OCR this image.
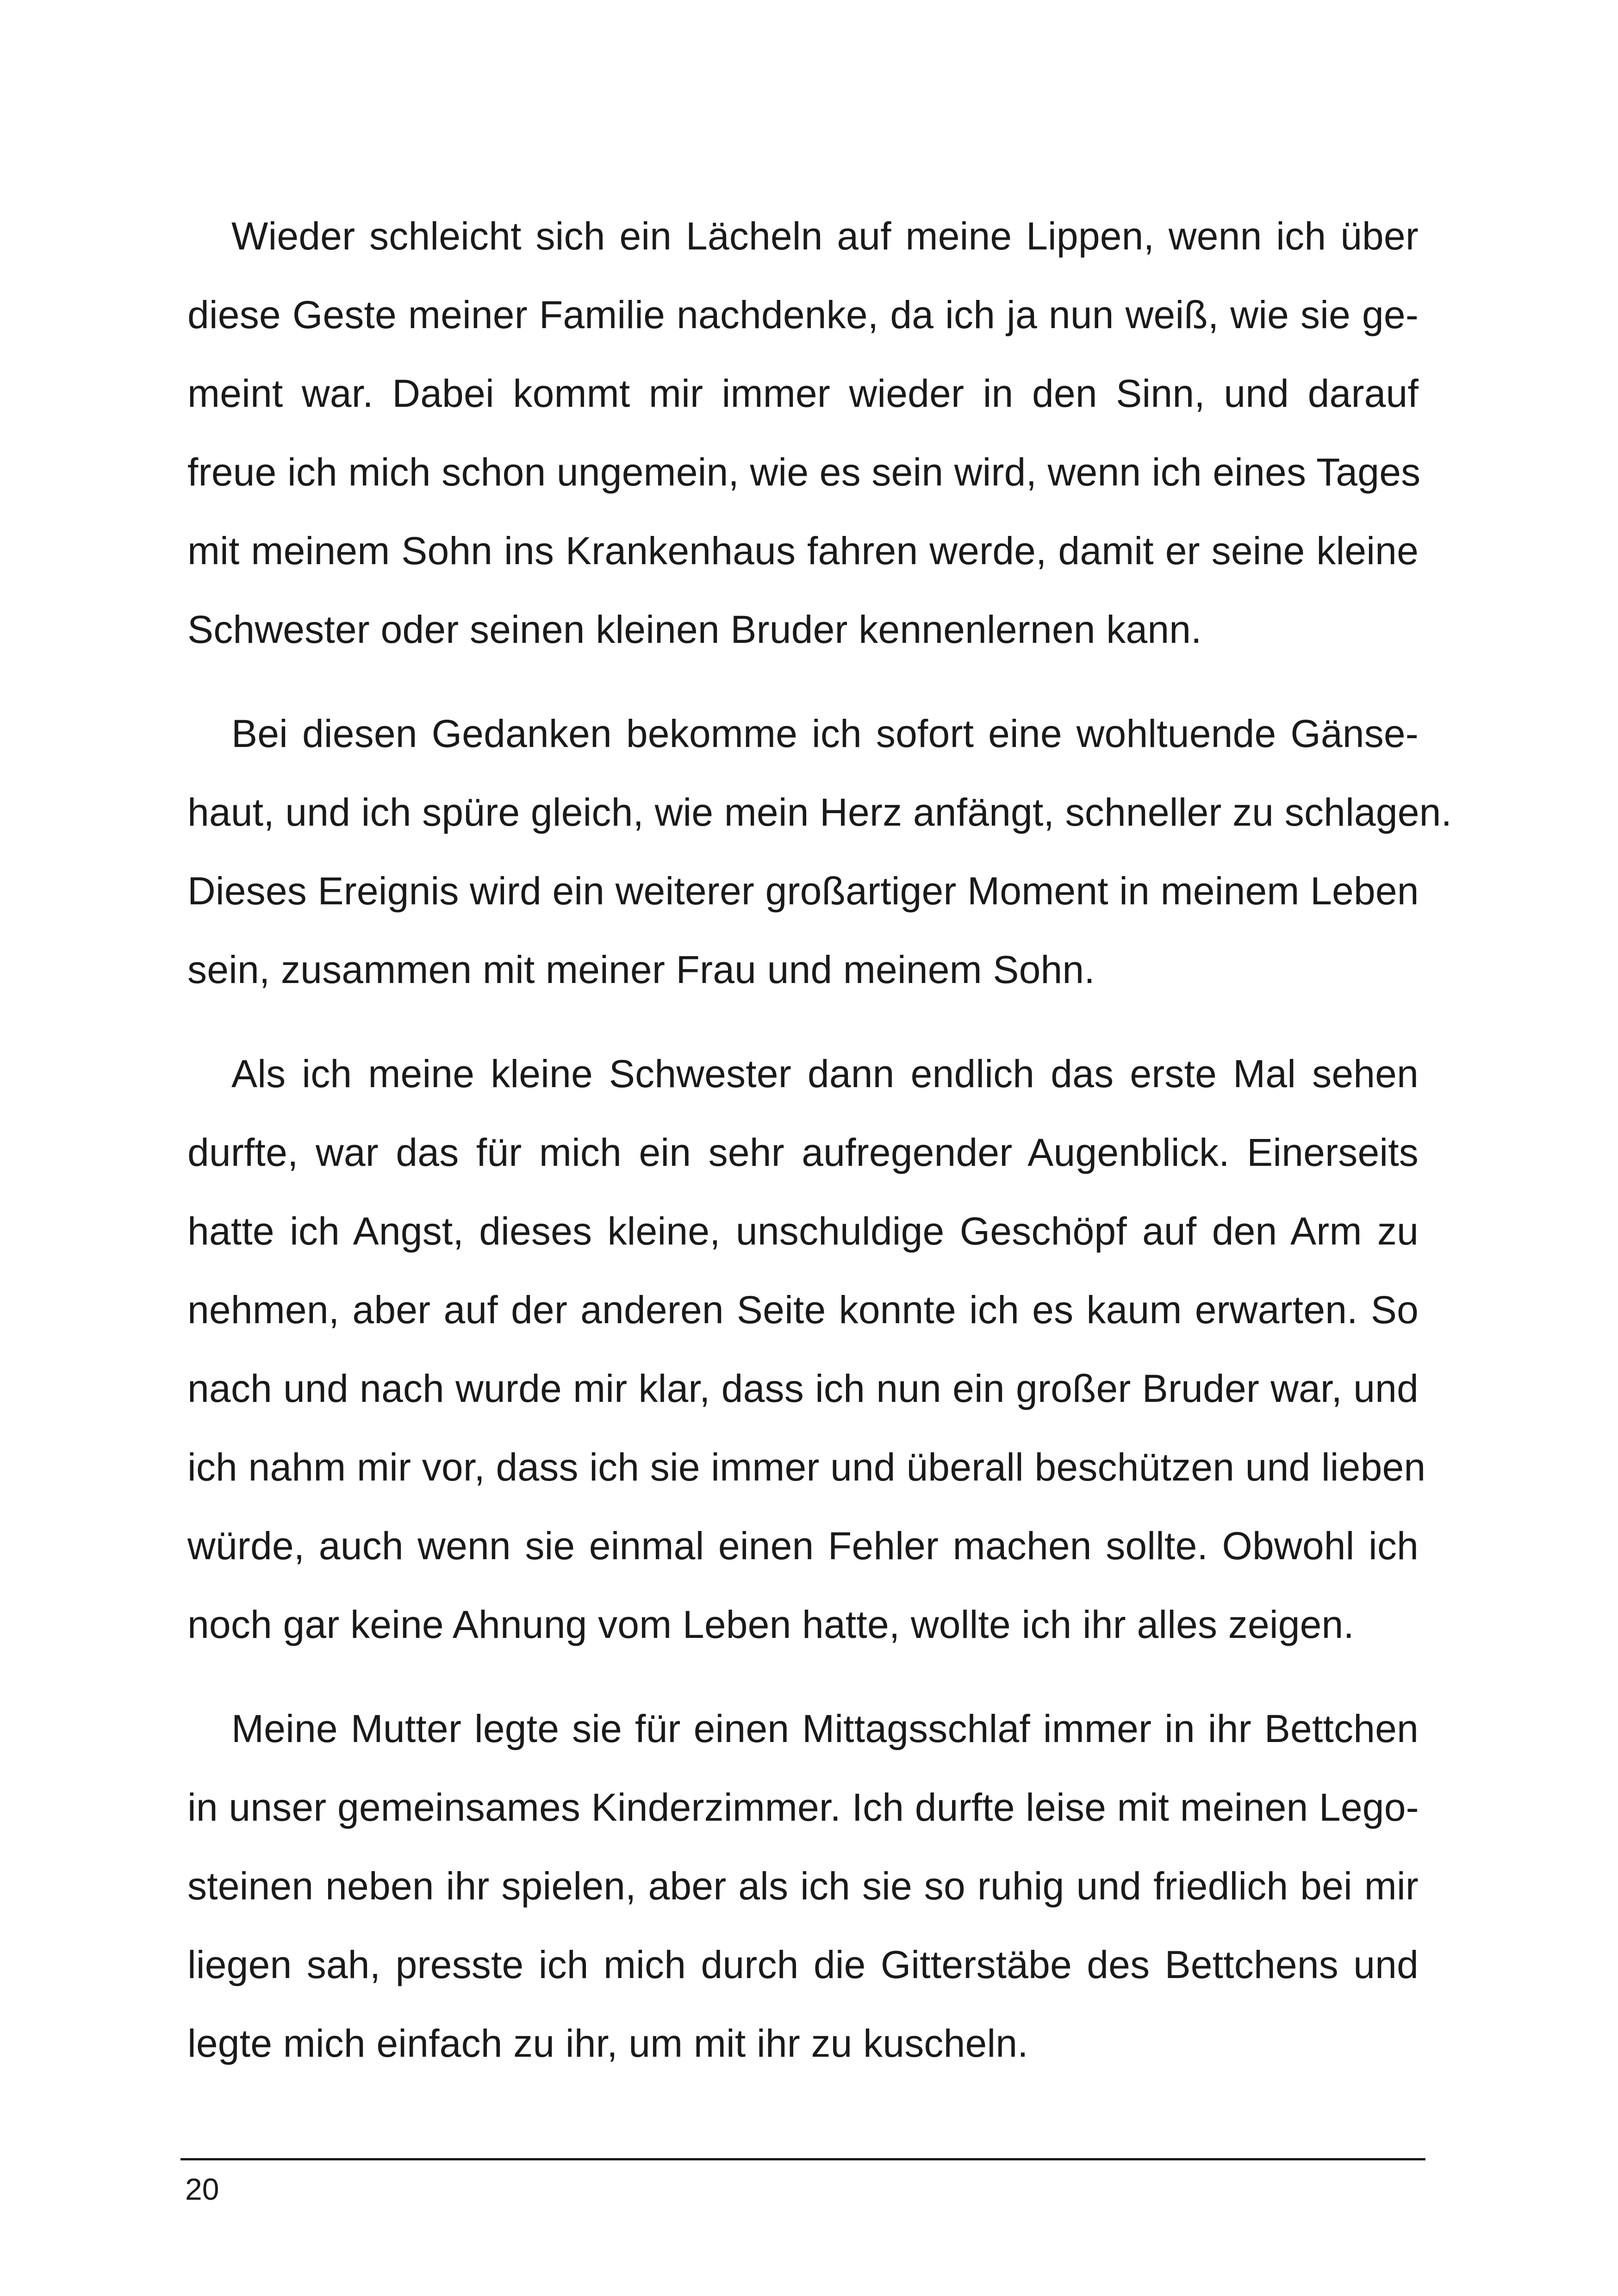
Wieder schleicht sich ein Lächeln auf meine Lippen, wenn ich über
diese Geste meiner Familie nachdenke, da ich ja nun weiß, wie sie ge-
meint war. Dabei kommt mir immer wieder in den Sinn, und darauf
freue ich mich schon ungemein, wie es sein wird, wenn ich eines Tages
mit meinem Sohn ins Krankenhaus fahren werde, damit er seine kleine
Schwester oder seinen kleinen Bruder kennenlernen kann.

Bei diesen Gedanken bekomme ich sofort eine wohltuende Gänse-
haut, und ich spüre gleich, wie mein Herz anfängt, schneller zu schlagen.
Dieses Ereignis wird ein weiterer großartiger Moment in meinem Leben
sein, zusammen mit meiner Frau und meinem Sohn.

Als ich meine kleine Schwester dann endlich das erste Mal sehen
durfte, war das für mich ein sehr aufregender Augenblick. Einerseits
hatte ich Angst, dieses kleine, unschuldige Geschöpf auf den Arm zu
nehmen, aber auf der anderen Seite konnte ich es kaum erwarten. So
nach und nach wurde mir klar, dass ich nun ein großer Bruder war, und
ich nahm mir vor, dass ich sie immer und überall beschützen und lieben
würde, auch wenn sie einmal einen Fehler machen sollte. Obwohl ich
noch gar keine Ahnung vom Leben hatte, wollte ich ihr alles zeigen.

Meine Mutter legte sie für einen Mittagsschlaf immer in ihr Bettchen
in unser gemeinsames Kinderzimmer. Ich durfte leise mit meinen Lego-
steinen neben ihr spielen, aber als ich sie so ruhig und friedlich bei mir
liegen sah, presste ich mich durch die Gitterstäbe des Bettchens und
legte mich einfach zu ihr, um mit ihr zu kuscheln.

20
